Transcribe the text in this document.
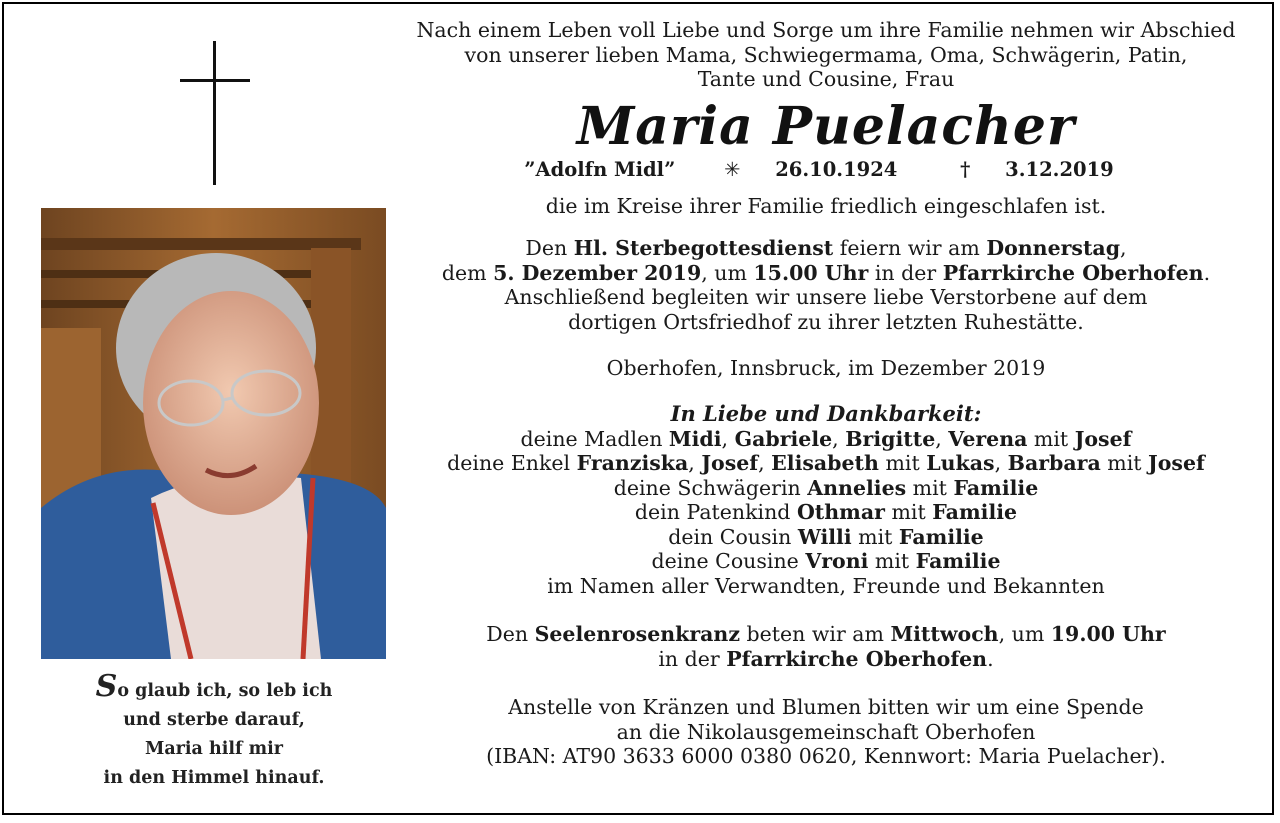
So glaub ich, so leb ich
und sterbe darauf,
Maria hilf mir
in den Himmel hinauf.
Nach einem Leben voll Liebe und Sorge um ihre Familie nehmen wir Abschied
von unserer lieben Mama, Schwiegermama, Oma, Schwägerin, Patin,
Tante und Cousine, Frau
Maria Puelacher
”Adolfn Midl”	✳ 26.10.1924	† 3.12.2019
die im Kreise ihrer Familie friedlich eingeschlafen ist.
Den Hl. Sterbegottesdienst feiern wir am Donnerstag,
dem 5. Dezember 2019, um 15.00 Uhr in der Pfarrkirche Oberhofen.
Anschließend begleiten wir unsere liebe Verstorbene auf dem
dortigen Ortsfriedhof zu ihrer letzten Ruhestätte.
Oberhofen, Innsbruck, im Dezember 2019
In Liebe und Dankbarkeit:
deine Madlen Midi, Gabriele, Brigitte, Verena mit Josef
deine Enkel Franziska, Josef, Elisabeth mit Lukas, Barbara mit Josef
deine Schwägerin Annelies mit Familie
dein Patenkind Othmar mit Familie
dein Cousin Willi mit Familie
deine Cousine Vroni mit Familie
im Namen aller Verwandten, Freunde und Bekannten
Den Seelenrosenkranz beten wir am Mittwoch, um 19.00 Uhr
in der Pfarrkirche Oberhofen.
Anstelle von Kränzen und Blumen bitten wir um eine Spende
an die Nikolausgemeinschaft Oberhofen
(IBAN: AT90 3633 6000 0380 0620, Kennwort: Maria Puelacher).
